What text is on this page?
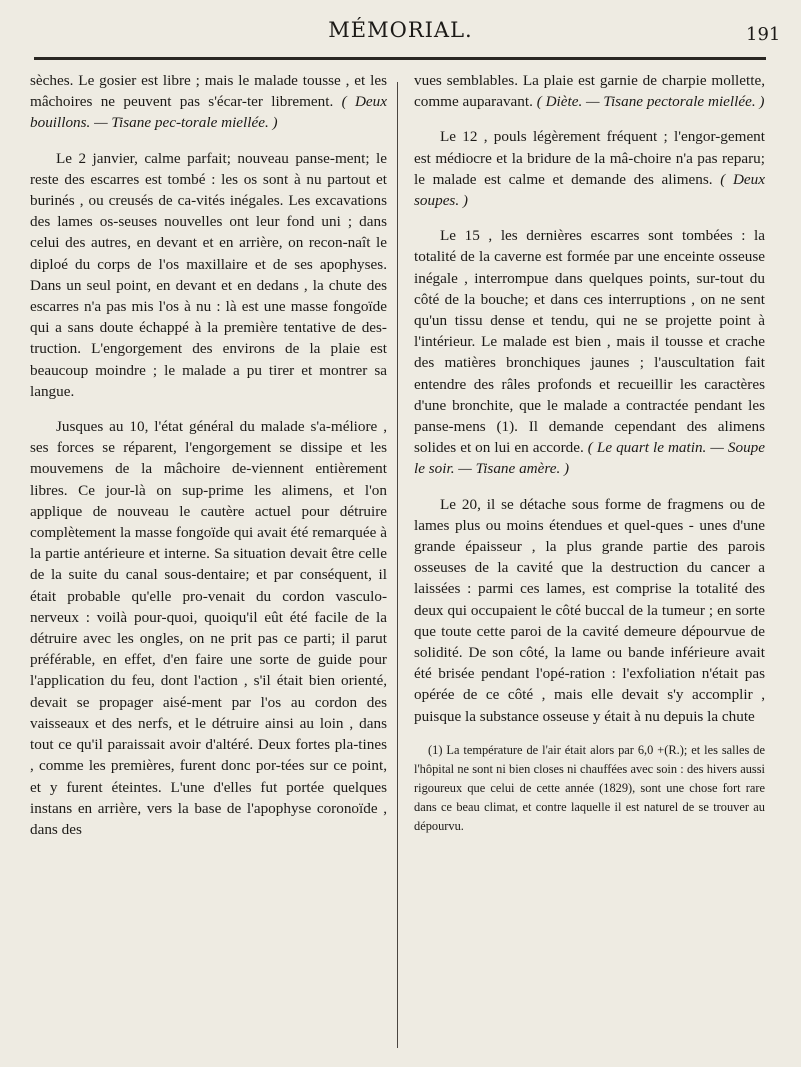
MÉMORIAL.	191

sèches. Le gosier est libre ; mais le malade tousse , et les mâchoires ne peuvent pas s'écar-ter librement. ( Deux bouillons. — Tisane pec-torale miellée. )

Le 2 janvier, calme parfait; nouveau panse-ment; le reste des escarres est tombé : les os sont à nu partout et burinés , ou creusés de ca-vités inégales. Les excavations des lames os-seuses nouvelles ont leur fond uni ; dans celui des autres, en devant et en arrière, on recon-naît le diploé du corps de l'os maxillaire et de ses apophyses. Dans un seul point, en devant et en dedans , la chute des escarres n'a pas mis l'os à nu : là est une masse fongoïde qui a sans doute échappé à la première tentative de des-truction. L'engorgement des environs de la plaie est beaucoup moindre ; le malade a pu tirer et montrer sa langue.

Jusques au 10, l'état général du malade s'a-méliore , ses forces se réparent, l'engorgement se dissipe et les mouvemens de la mâchoire de-viennent entièrement libres. Ce jour-là on sup-prime les alimens, et l'on applique de nouveau le cautère actuel pour détruire complètement la masse fongoïde qui avait été remarquée à la partie antérieure et interne. Sa situation devait être celle de la suite du canal sous-dentaire; et par conséquent, il était probable qu'elle pro-venait du cordon vasculo-nerveux : voilà pour-quoi, quoiqu'il eût été facile de la détruire avec les ongles, on ne prit pas ce parti; il parut préférable, en effet, d'en faire une sorte de guide pour l'application du feu, dont l'action , s'il était bien orienté, devait se propager aisé-ment par l'os au cordon des vaisseaux et des nerfs, et le détruire ainsi au loin , dans tout ce qu'il paraissait avoir d'altéré. Deux fortes pla-tines , comme les premières, furent donc por-tées sur ce point, et y furent éteintes. L'une d'elles fut portée quelques instans en arrière, vers la base de l'apophyse coronoïde , dans des

vues semblables. La plaie est garnie de charpie mollette, comme auparavant. ( Diète. — Tisane pectorale miellée. )

Le 12 , pouls légèrement fréquent ; l'engor-gement est médiocre et la bridure de la mâ-choire n'a pas reparu; le malade est calme et demande des alimens. ( Deux soupes. )

Le 15 , les dernières escarres sont tombées : la totalité de la caverne est formée par une enceinte osseuse inégale , interrompue dans quelques points, sur-tout du côté de la bouche; et dans ces interruptions , on ne sent qu'un tissu dense et tendu, qui ne se projette point à l'intérieur. Le malade est bien , mais il tousse et crache des matières bronchiques jaunes ; l'auscultation fait entendre des râles profonds et recueillir les caractères d'une bronchite, que le malade a contractée pendant les panse-mens (1). Il demande cependant des alimens solides et on lui en accorde. ( Le quart le matin. — Soupe le soir. — Tisane amère. )

Le 20, il se détache sous forme de fragmens ou de lames plus ou moins étendues et quel-ques - unes d'une grande épaisseur , la plus grande partie des parois osseuses de la cavité que la destruction du cancer a laissées : parmi ces lames, est comprise la totalité des deux qui occupaient le côté buccal de la tumeur ; en sorte que toute cette paroi de la cavité demeure dépourvue de solidité. De son côté, la lame ou bande inférieure avait été brisée pendant l'opé-ration : l'exfoliation n'était pas opérée de ce côté , mais elle devait s'y accomplir , puisque la substance osseuse y était à nu depuis la chute

(1) La température de l'air était alors par 6,0 +(R.); et les salles de l'hôpital ne sont ni bien closes ni chauffées avec soin : des hivers aussi rigoureux que celui de cette année (1829), sont une chose fort rare dans ce beau climat, et contre laquelle il est naturel de se trouver au dépourvu.
